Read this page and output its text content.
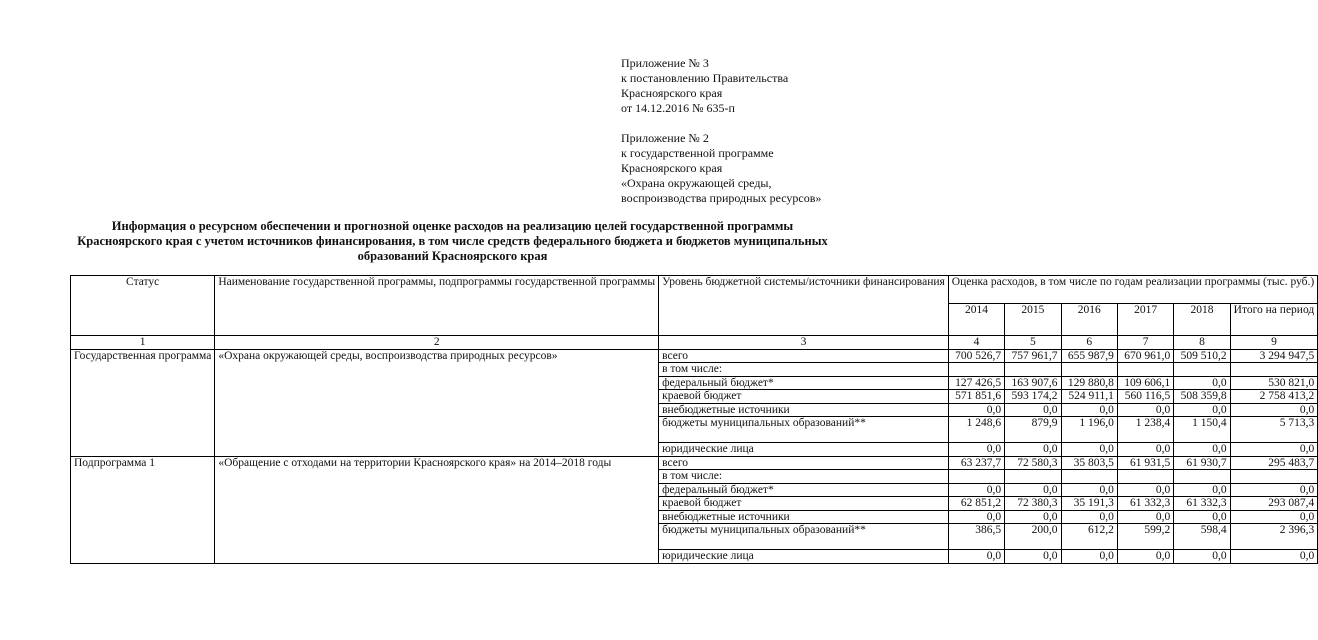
Приложение № 3
к постановлению Правительства
Красноярского края
от 14.12.2016 № 635-п
Приложение № 2
к государственной программе
Красноярского края
«Охрана окружающей среды,
воспроизводства природных ресурсов»
Информация о ресурсном обеспечении и прогнозной оценке расходов на реализацию целей государственной программы
Красноярского края с учетом источников финансирования, в том числе средств федерального бюджета и бюджетов муниципальных
образований Красноярского края
Статус	Наименование государственной программы, подпрограммы государственной программы	Уровень бюджетной системы/источники финансирования	Оценка расходов, в том числе по годам реализации программы (тыс. руб.)					
			2014	2015	2016	2017	2018	Итого на период
1	2	3	4	5	6	7	8	9
Государственная программа	«Охрана окружающей среды, воспроизводства природных ресурсов»	всего	700 526,7	757 961,7	655 987,9	670 961,0	509 510,2	3 294 947,5
		в том числе:						
		федеральный бюджет*	127 426,5	163 907,6	129 880,8	109 606,1	0,0	530 821,0
		краевой бюджет	571 851,6	593 174,2	524 911,1	560 116,5	508 359,8	2 758 413,2
		внебюджетные источники	0,0	0,0	0,0	0,0	0,0	0,0
		бюджеты муниципальных образований**	1 248,6	879,9	1 196,0	1 238,4	1 150,4	5 713,3
		юридические лица	0,0	0,0	0,0	0,0	0,0	0,0
Подпрограмма 1	«Обращение с отходами на территории Красноярского края» на 2014–2018 годы	всего	63 237,7	72 580,3	35 803,5	61 931,5	61 930,7	295 483,7
		в том числе:						
		федеральный бюджет*	0,0	0,0	0,0	0,0	0,0	0,0
		краевой бюджет	62 851,2	72 380,3	35 191,3	61 332,3	61 332,3	293 087,4
		внебюджетные источники	0,0	0,0	0,0	0,0	0,0	0,0
		бюджеты муниципальных образований**	386,5	200,0	612,2	599,2	598,4	2 396,3
		юридические лица	0,0	0,0	0,0	0,0	0,0	0,0
